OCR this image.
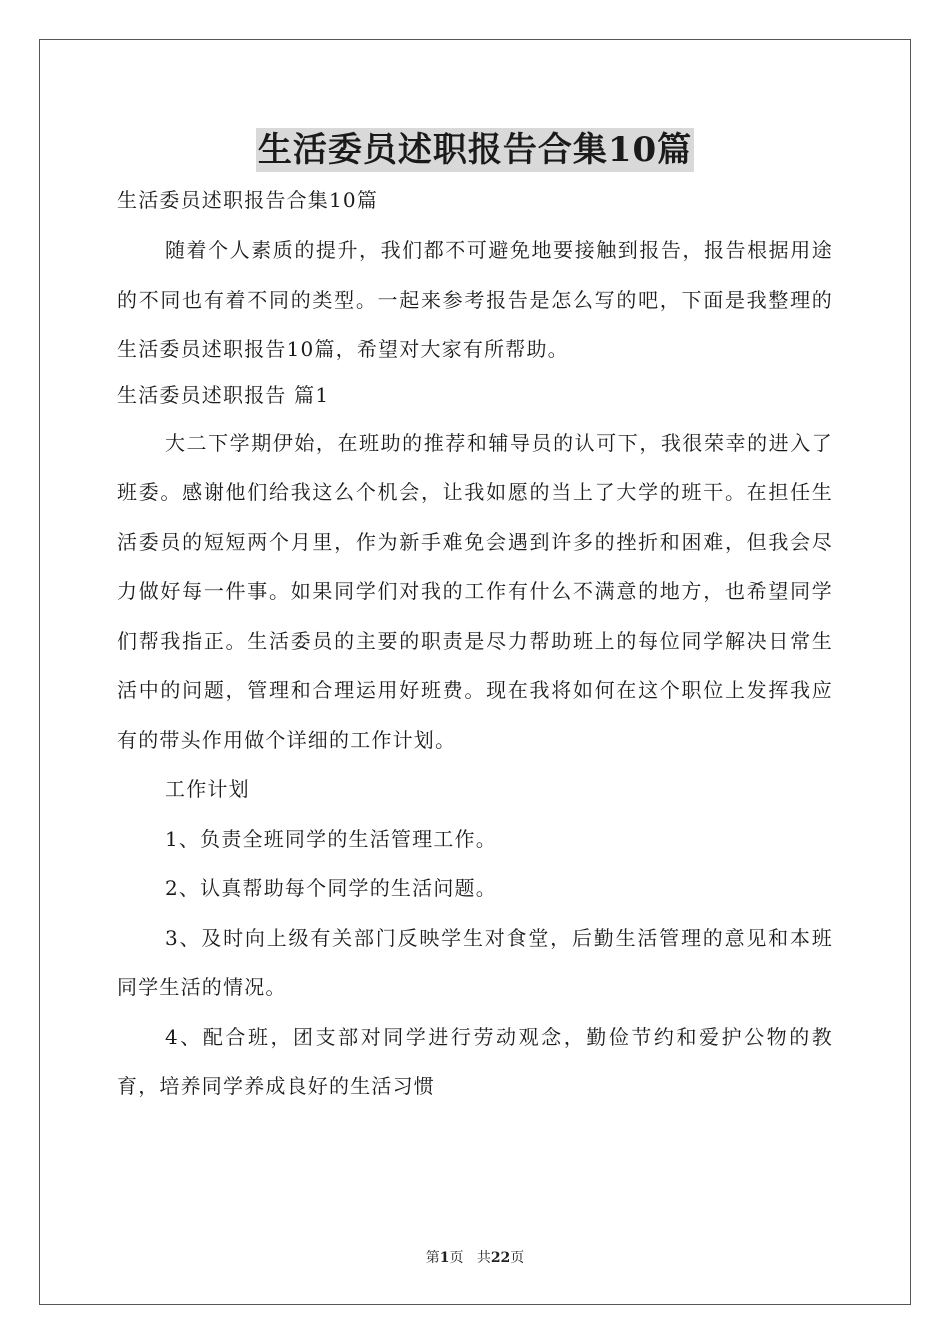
生活委员述职报告合集10篇

生活委员述职报告合集10篇

随着个人素质的提升，我们都不可避免地要接触到报告，报告根据用途的不同也有着不同的类型。一起来参考报告是怎么写的吧，下面是我整理的生活委员述职报告10篇，希望对大家有所帮助。

生活委员述职报告 篇1

大二下学期伊始，在班助的推荐和辅导员的认可下，我很荣幸的进入了班委。感谢他们给我这么个机会，让我如愿的当上了大学的班干。在担任生活委员的短短两个月里，作为新手难免会遇到许多的挫折和困难，但我会尽力做好每一件事。如果同学们对我的工作有什么不满意的地方，也希望同学们帮我指正。生活委员的主要的职责是尽力帮助班上的每位同学解决日常生活中的问题，管理和合理运用好班费。现在我将如何在这个职位上发挥我应有的带头作用做个详细的工作计划。

工作计划

1、负责全班同学的生活管理工作。

2、认真帮助每个同学的生活问题。

3、及时向上级有关部门反映学生对食堂，后勤生活管理的意见和本班同学生活的情况。

4、配合班，团支部对同学进行劳动观念，勤俭节约和爱护公物的教育，培养同学养成良好的生活习惯

第1页 共22页
